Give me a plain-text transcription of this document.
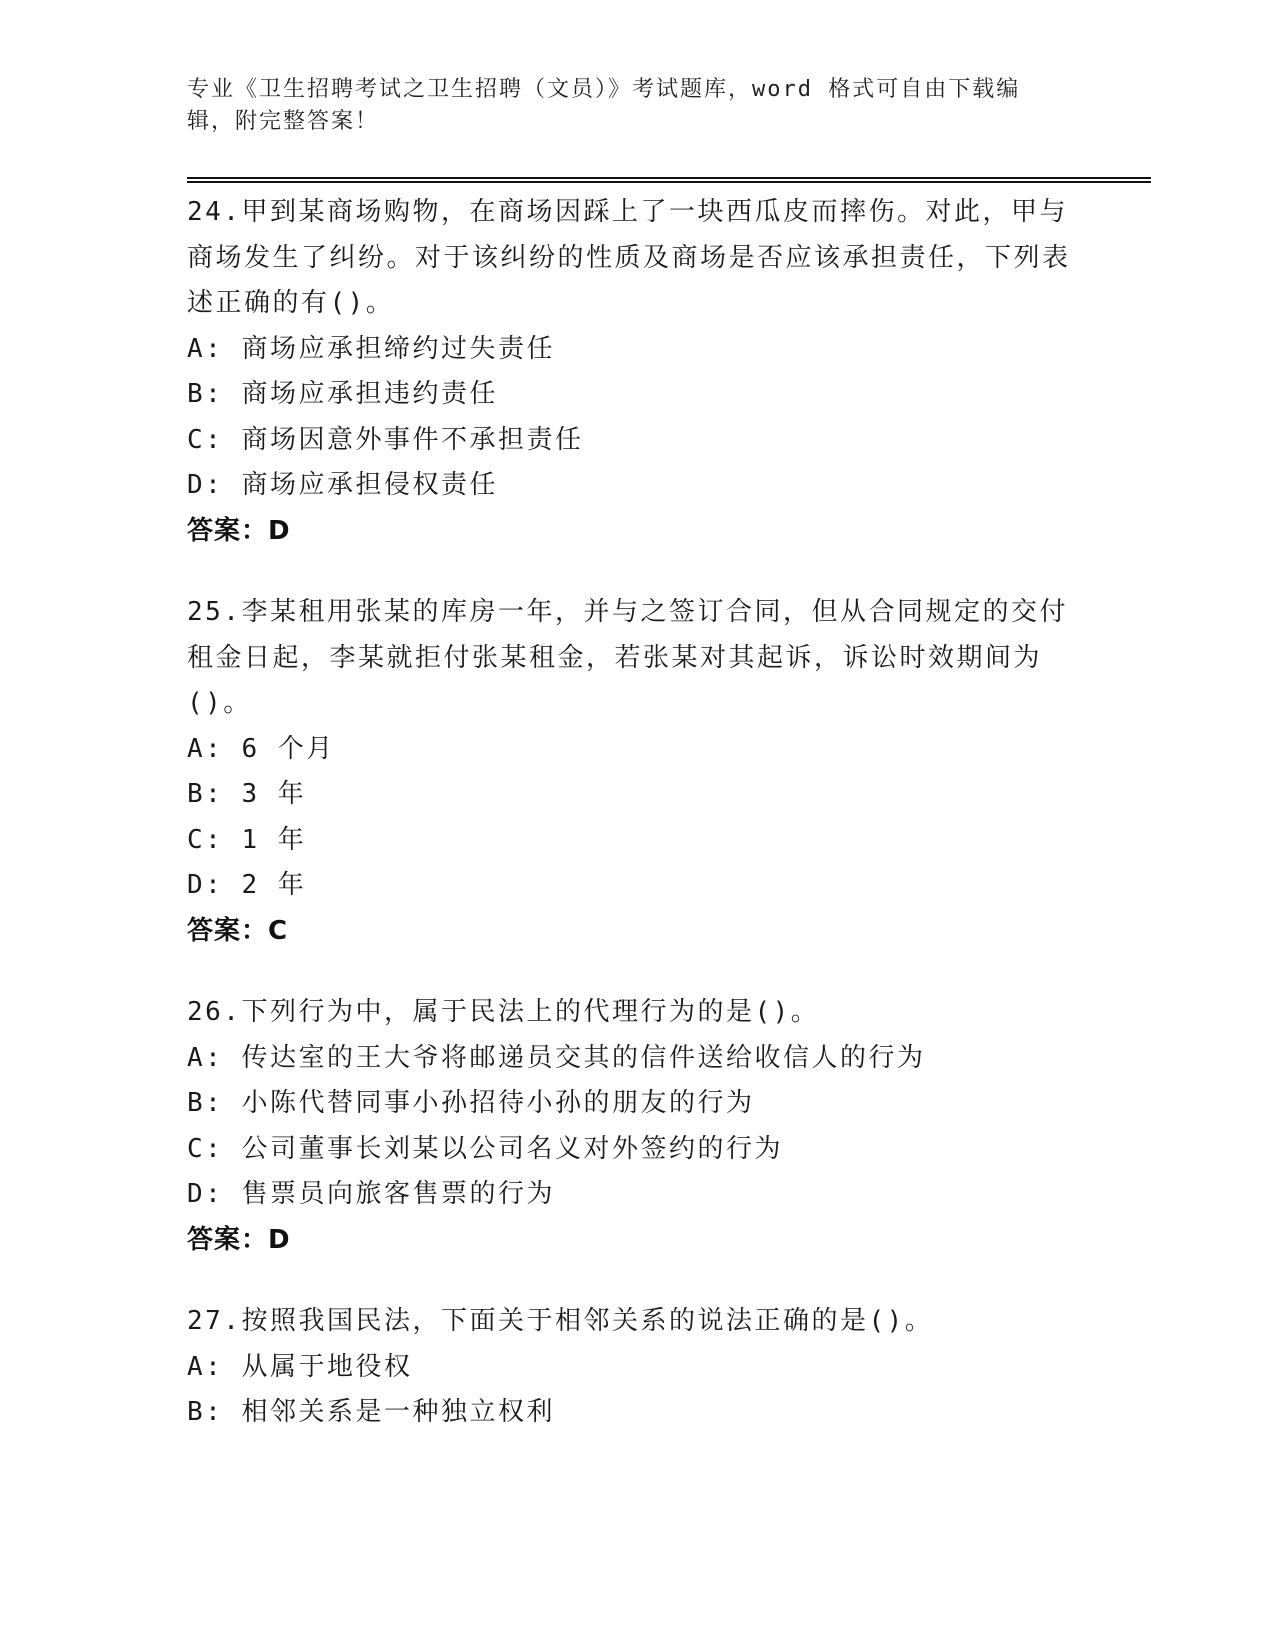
专业《卫生招聘考试之卫生招聘（文员）》考试题库，word 格式可自由下载编辑，附完整答案！
24.甲到某商场购物，在商场因踩上了一块西瓜皮而摔伤。对此，甲与商场发生了纠纷。对于该纠纷的性质及商场是否应该承担责任，下列表述正确的有()。
A: 商场应承担缔约过失责任
B: 商场应承担违约责任
C: 商场因意外事件不承担责任
D: 商场应承担侵权责任
答案：D
25.李某租用张某的库房一年，并与之签订合同，但从合同规定的交付租金日起，李某就拒付张某租金，若张某对其起诉，诉讼时效期间为()。
A: 6 个月
B: 3 年
C: 1 年
D: 2 年
答案：C
26.下列行为中，属于民法上的代理行为的是()。
A: 传达室的王大爷将邮递员交其的信件送给收信人的行为
B: 小陈代替同事小孙招待小孙的朋友的行为
C: 公司董事长刘某以公司名义对外签约的行为
D: 售票员向旅客售票的行为
答案：D
27.按照我国民法，下面关于相邻关系的说法正确的是()。
A: 从属于地役权
B: 相邻关系是一种独立权利
